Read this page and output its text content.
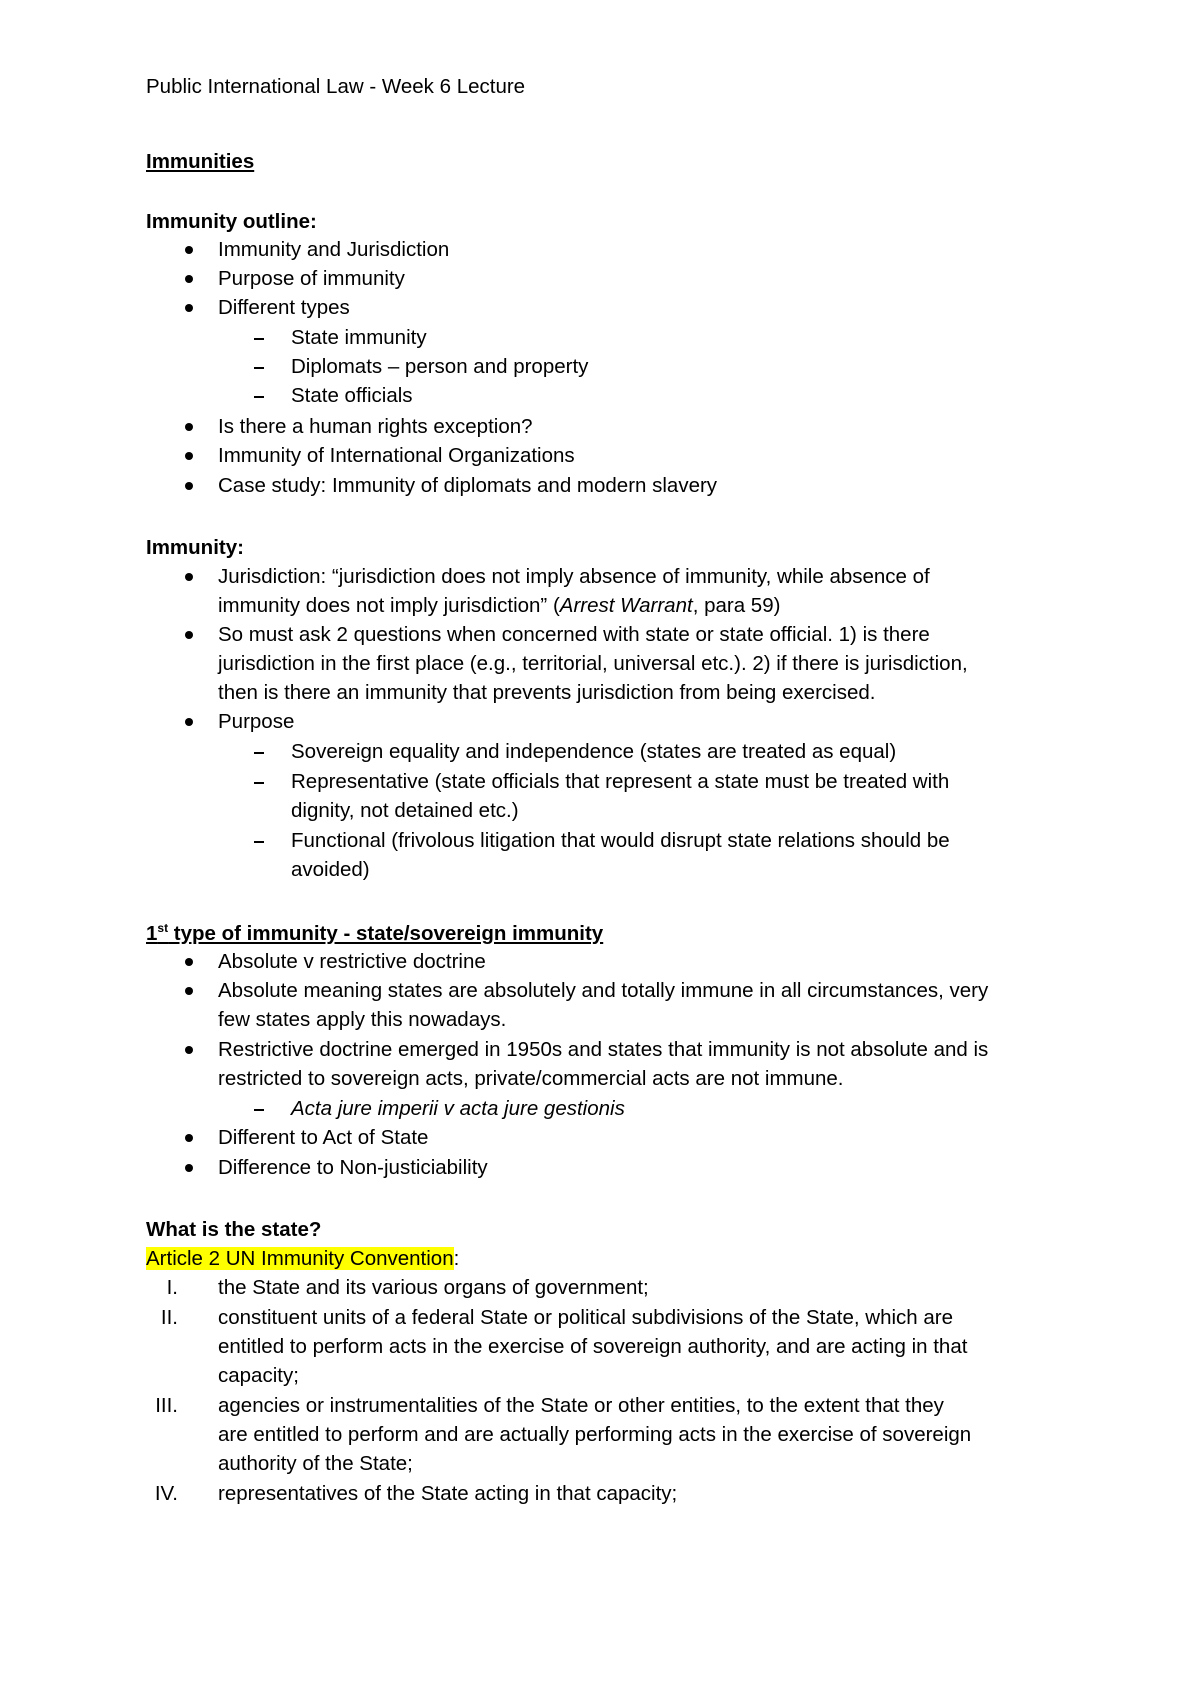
Public International Law - Week 6 Lecture
Immunities
Immunity outline:
Immunity and Jurisdiction
Purpose of immunity
Different types
State immunity
Diplomats – person and property
State officials
Is there a human rights exception?
Immunity of International Organizations
Case study: Immunity of diplomats and modern slavery
Immunity:
Jurisdiction: “jurisdiction does not imply absence of immunity, while absence of
immunity does not imply jurisdiction” (Arrest Warrant, para 59)
So must ask 2 questions when concerned with state or state official. 1) is there
jurisdiction in the first place (e.g., territorial, universal etc.). 2) if there is jurisdiction,
then is there an immunity that prevents jurisdiction from being exercised.
Purpose
Sovereign equality and independence (states are treated as equal)
Representative (state officials that represent a state must be treated with
dignity, not detained etc.)
Functional (frivolous litigation that would disrupt state relations should be
avoided)
1st type of immunity - state/sovereign immunity
Absolute v restrictive doctrine
Absolute meaning states are absolutely and totally immune in all circumstances, very
few states apply this nowadays.
Restrictive doctrine emerged in 1950s and states that immunity is not absolute and is
restricted to sovereign acts, private/commercial acts are not immune.
Acta jure imperii v acta jure gestionis
Different to Act of State
Difference to Non-justiciability
What is the state?
Article 2 UN Immunity Convention:
I. the State and its various organs of government;
II. constituent units of a federal State or political subdivisions of the State, which are
entitled to perform acts in the exercise of sovereign authority, and are acting in that
capacity;
III. agencies or instrumentalities of the State or other entities, to the extent that they
are entitled to perform and are actually performing acts in the exercise of sovereign
authority of the State;
IV. representatives of the State acting in that capacity;
